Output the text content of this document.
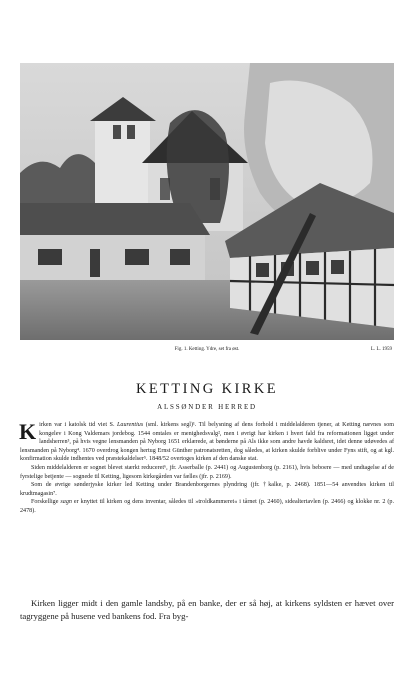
Fig. 1. Ketting. Ydre, set fra øst.	L. L. 1959
KETTING KIRKE
ALSSØNDER HERRED

Kirken var i katolsk tid viet S. Laurentius (sml. kirkens segl)¹. Til belysning af dens forhold i middelalderen tjener, at Ketting nævnes som kongelev i Kong Valdemars jordebog. 1544 omtales er menighedsvalg², men i øvrigt har kirken i hvert fald fra reformationen ligget under landsherren³, på hvis vegne lensmanden på Nyborg 1651 erklærede, at bønderne på Als ikke som andre havde kaldsret, idet denne udøvedes af lensmanden på Nyborg⁴. 1670 overdrog kongen hertug Ernst Günther patronatsretten, dog således, at kirken skulde forblive under Fyns stift, og at kgl. konfirmation skulde indhentes ved præstekaldelser⁵. 1848/52 overtoges kirken af den danske stat.

Siden middelalderen er sognet blevet stærkt reduceret⁶, jfr. Asserballe (p. 2441) og Augustenborg (p. 2161), hvis beboere — med undtagelse af de fyrstelige betjente — sognede til Ketting, ligesom kirkegården var fælles (jfr. p. 2169).

Som de øvrige sønderjyske kirker led Ketting under Brandenborgernes plyndring (jfr. †kalke, p. 2468). 1851—54 anvendtes kirken til krudtmagasin⁷.

Forskellige sagn er knyttet til kirken og dens inventar, således til »troldkammeret« i tårnet (p. 2460), sidealtertavlen (p. 2466) og klokke nr. 2 (p. 2478).

Kirken ligger midt i den gamle landsby, på en banke, der er så høj, at kirkens syldsten er hævet over tagryggene på husene ved bankens fod. Fra byg-
